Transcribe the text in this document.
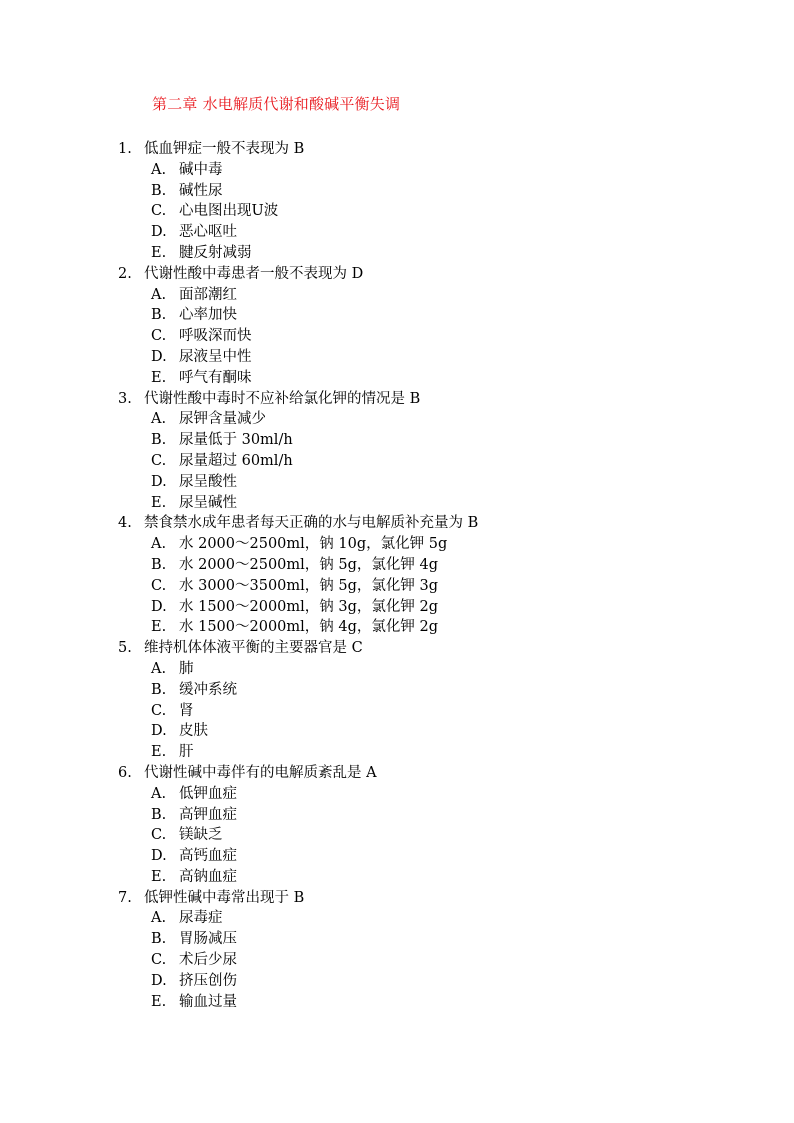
第二章 水电解质代谢和酸碱平衡失调
1. 低血钾症一般不表现为 B
A. 碱中毒
B. 碱性尿
C. 心电图出现U波
D. 恶心呕吐
E. 腱反射减弱
2. 代谢性酸中毒患者一般不表现为 D
A. 面部潮红
B. 心率加快
C. 呼吸深而快
D. 尿液呈中性
E. 呼气有酮味
3. 代谢性酸中毒时不应补给氯化钾的情况是 B
A. 尿钾含量减少
B. 尿量低于 30ml/h
C. 尿量超过 60ml/h
D. 尿呈酸性
E. 尿呈碱性
4. 禁食禁水成年患者每天正确的水与电解质补充量为 B
A. 水 2000～2500ml，钠 10g，氯化钾 5g
B. 水 2000～2500ml，钠 5g，氯化钾 4g
C. 水 3000～3500ml，钠 5g，氯化钾 3g
D. 水 1500～2000ml，钠 3g，氯化钾 2g
E. 水 1500～2000ml，钠 4g，氯化钾 2g
5. 维持机体体液平衡的主要器官是 C
A. 肺
B. 缓冲系统
C. 肾
D. 皮肤
E. 肝
6. 代谢性碱中毒伴有的电解质紊乱是 A
A. 低钾血症
B. 高钾血症
C. 镁缺乏
D. 高钙血症
E. 高钠血症
7. 低钾性碱中毒常出现于 B
A. 尿毒症
B. 胃肠减压
C. 术后少尿
D. 挤压创伤
E. 输血过量
